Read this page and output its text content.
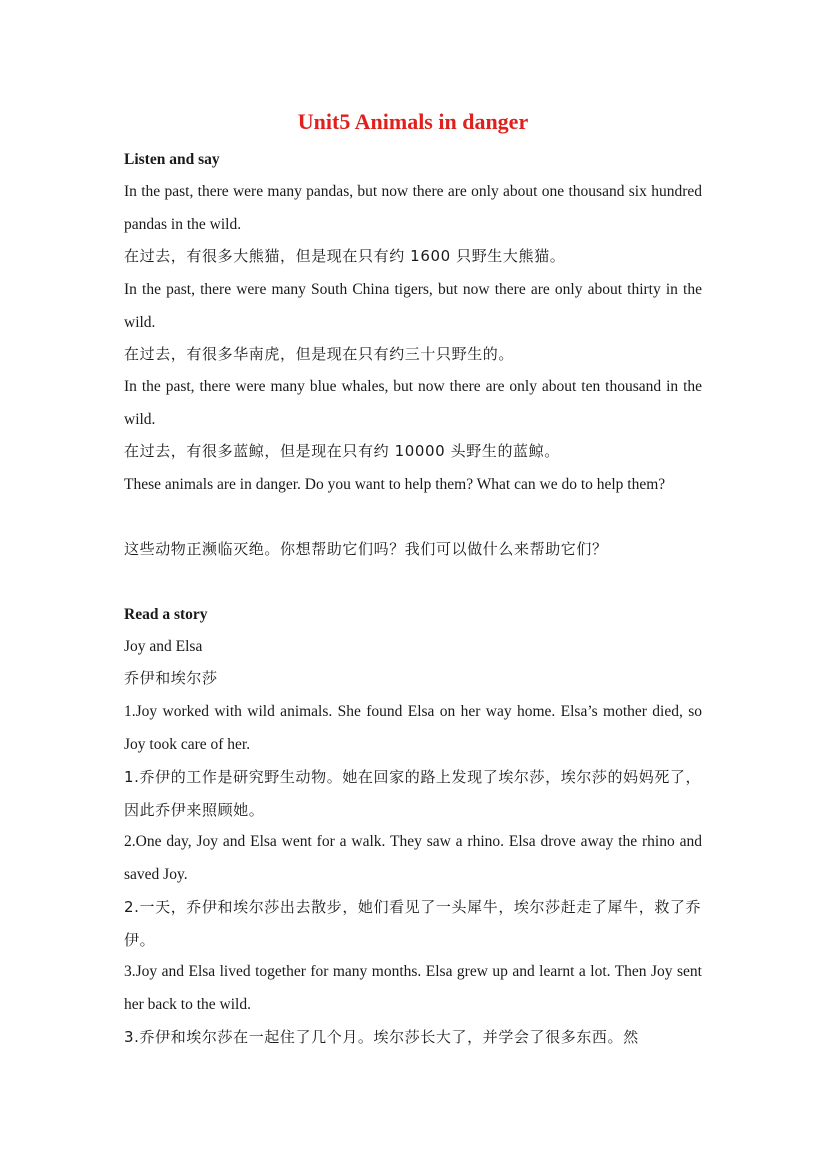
Unit5 Animals in danger

Listen and say

In the past, there were many pandas, but now there are only about one thousand six hundred pandas in the wild.

在过去，有很多大熊猫，但是现在只有约 1600 只野生大熊猫。

In the past, there were many South China tigers, but now there are only about thirty in the wild.

在过去，有很多华南虎，但是现在只有约三十只野生的。

In the past, there were many blue whales, but now there are only about ten thousand in the wild.

在过去，有很多蓝鲸，但是现在只有约 10000 头野生的蓝鲸。

These animals are in danger. Do you want to help them? What can we do to help them?

这些动物正濒临灭绝。你想帮助它们吗？我们可以做什么来帮助它们？

Read a story

Joy and Elsa

乔伊和埃尔莎

1.Joy worked with wild animals. She found Elsa on her way home. Elsa’s mother died, so Joy took care of her.

1.乔伊的工作是研究野生动物。她在回家的路上发现了埃尔莎，埃尔莎的妈妈死了，因此乔伊来照顾她。

2.One day, Joy and Elsa went for a walk. They saw a rhino. Elsa drove away the rhino and saved Joy.

2.一天，乔伊和埃尔莎出去散步，她们看见了一头犀牛，埃尔莎赶走了犀牛，救了乔伊。

3.Joy and Elsa lived together for many months. Elsa grew up and learnt a lot. Then Joy sent her back to the wild.

3.乔伊和埃尔莎在一起住了几个月。埃尔莎长大了，并学会了很多东西。然
